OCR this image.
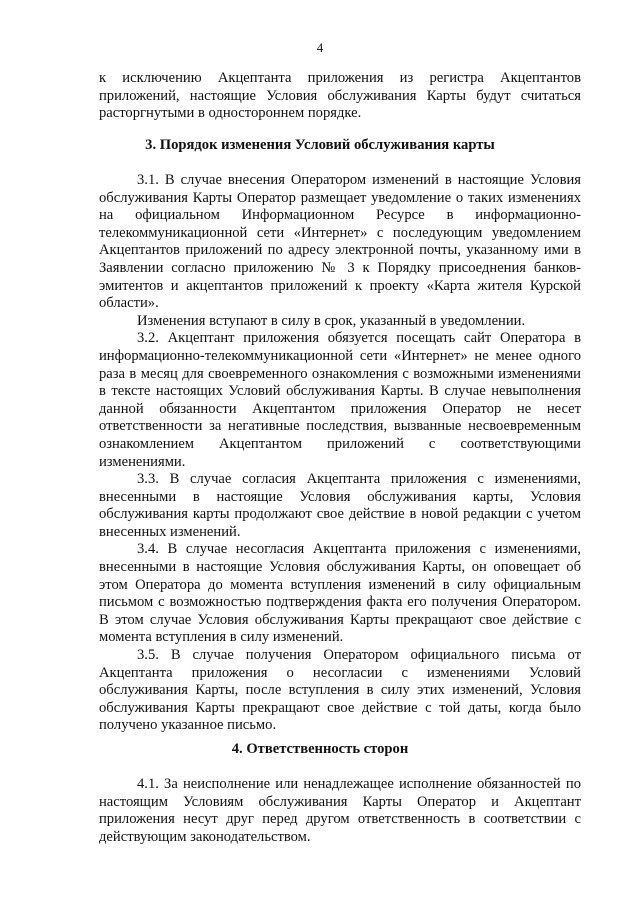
4

к исключению Акцептанта приложения из регистра Акцептантов приложений, настоящие Условия обслуживания Карты будут считаться расторгнутыми в одностороннем порядке.

3. Порядок изменения Условий обслуживания карты

3.1. В случае внесения Оператором изменений в настоящие Условия обслуживания Карты Оператор размещает уведомление о таких изменениях на официальном Информационном Ресурсе в информационно-телекоммуникационной сети «Интернет» с последующим уведомлением Акцептантов приложений по адресу электронной почты, указанному ими в Заявлении согласно приложению № 3 к Порядку присоеднения банков-эмитентов и акцептантов приложений к проекту «Карта жителя Курской области».

Изменения вступают в силу в срок, указанный в уведомлении.

3.2. Акцептант приложения обязуется посещать сайт Оператора в информационно-телекоммуникационной сети «Интернет» не менее одного раза в месяц для своевременного ознакомления с возможными изменениями в тексте настоящих Условий обслуживания Карты. В случае невыполнения данной обязанности Акцептантом приложения Оператор не несет ответственности за негативные последствия, вызванные несвоевременным ознакомлением Акцептантом приложений с соответствующими изменениями.

3.3. В случае согласия Акцептанта приложения с изменениями, внесенными в настоящие Условия обслуживания карты, Условия обслуживания карты продолжают свое действие в новой редакции с учетом внесенных изменений.

3.4. В случае несогласия Акцептанта приложения с изменениями, внесенными в настоящие Условия обслуживания Карты, он оповещает об этом Оператора до момента вступления изменений в силу официальным письмом с возможностью подтверждения факта его получения Оператором. В этом случае Условия обслуживания Карты прекращают свое действие с момента вступления в силу изменений.

3.5. В случае получения Оператором официального письма от Акцептанта приложения о несогласии с изменениями Условий обслуживания Карты, после вступления в силу этих изменений, Условия обслуживания Карты прекращают свое действие с той даты, когда было получено указанное письмо.

4. Ответственность сторон

4.1. За неисполнение или ненадлежащее исполнение обязанностей по настоящим Условиям обслуживания Карты Оператор и Акцептант приложения несут друг перед другом ответственность в соответствии с действующим законодательством.
